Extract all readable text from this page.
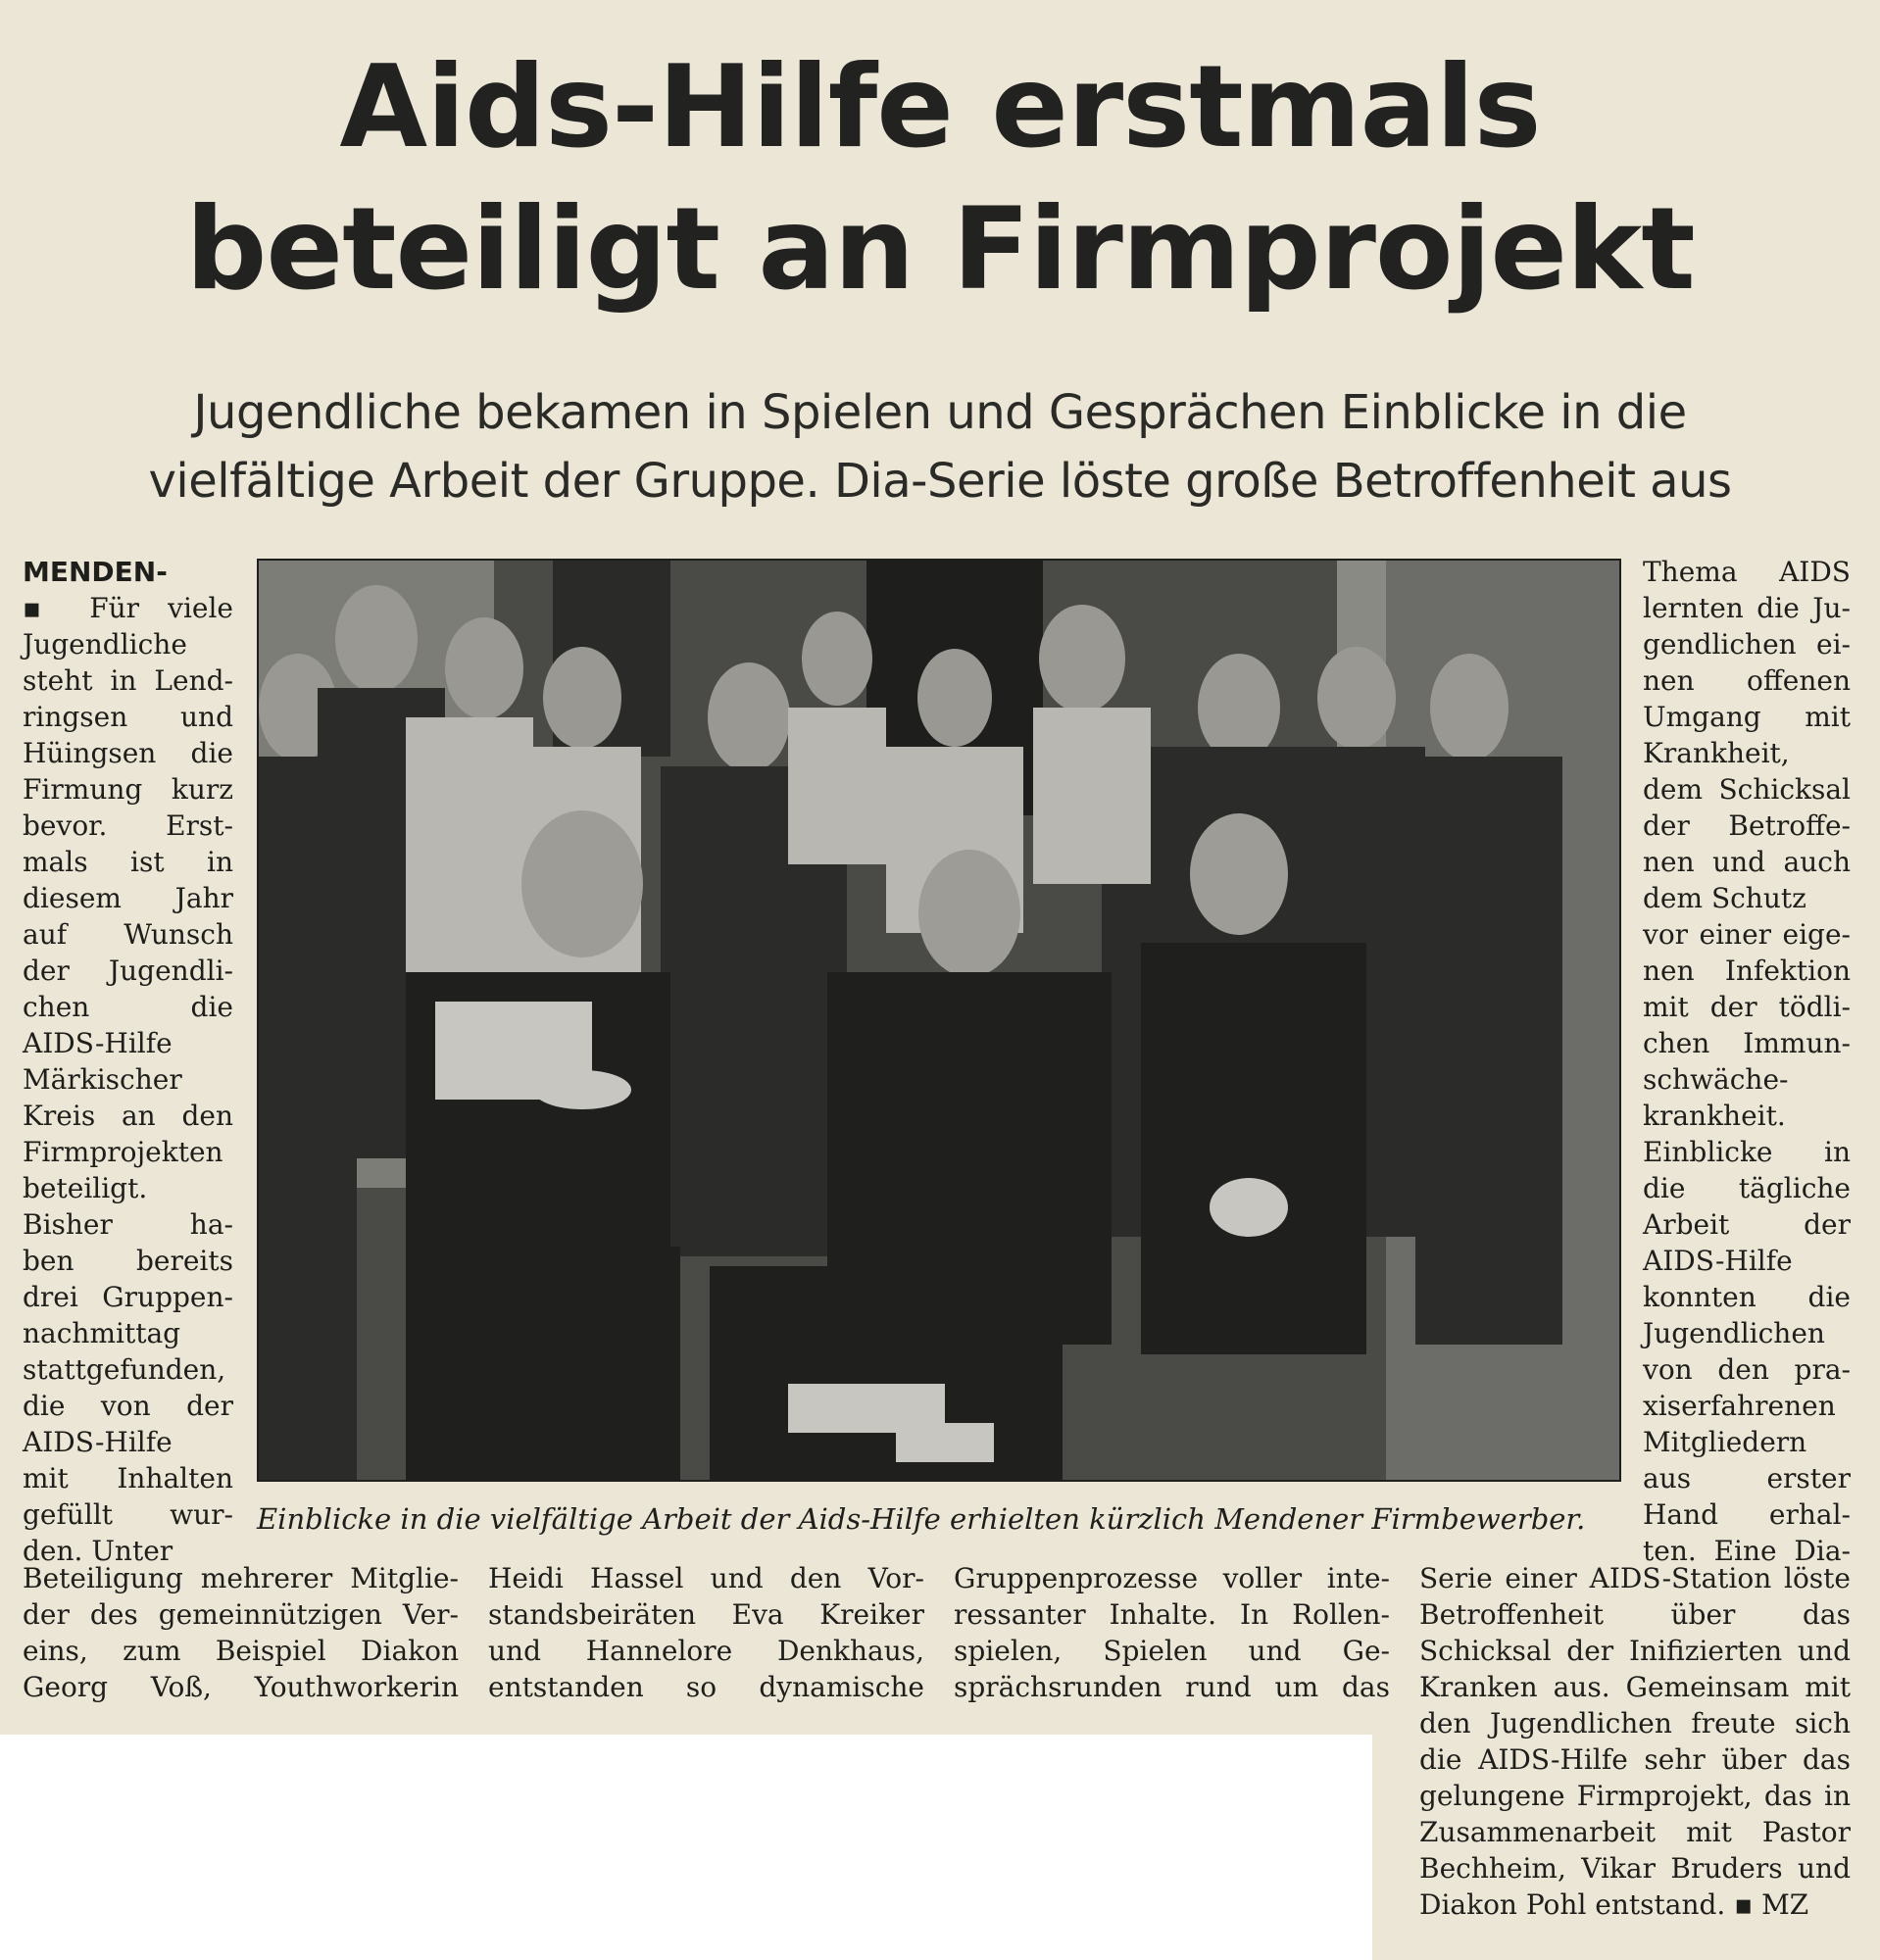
Aids-Hilfe erstmals
beteiligt an Firmprojekt
Jugendliche bekamen in Spielen und Gesprächen Einblicke in die
vielfältige Arbeit der Gruppe. Dia-Serie löste große Betroffenheit aus
MENDEN-
▪ Für viele
Jugendliche
steht in Lend-
ringsen und
Hüingsen die
Firmung kurz
bevor. Erst-
mals ist in
diesem Jahr
auf Wunsch
der Jugendli-
chen die
AIDS-Hilfe
Märkischer
Kreis an den
Firmprojekten
beteiligt.
Bisher ha-
ben bereits
drei Gruppen-
nachmittag
stattgefunden,
die von der
AIDS-Hilfe
mit Inhalten
gefüllt wur-
den. Unter
Einblicke in die vielfältige Arbeit der Aids-Hilfe erhielten kürzlich Mendener Firmbewerber.
Thema AIDS
lernten die Ju-
gendlichen ei-
nen offenen
Umgang mit
Krankheit,
dem Schicksal
der Betroffe-
nen und auch
dem Schutz
vor einer eige-
nen Infektion
mit der tödli-
chen Immun-
schwäche-
krankheit.
Einblicke in
die tägliche
Arbeit der
AIDS-Hilfe
konnten die
Jugendlichen
von den pra-
xiserfahrenen
Mitgliedern
aus erster
Hand erhal-
ten. Eine Dia-
Beteiligung mehrerer Mitglie-
der des gemeinnützigen Ver-
eins, zum Beispiel Diakon
Georg Voß, Youthworkerin
Heidi Hassel und den Vor-
standsbeiräten Eva Kreiker
und Hannelore Denkhaus,
entstanden so dynamische
Gruppenprozesse voller inte-
ressanter Inhalte. In Rollen-
spielen, Spielen und Ge-
sprächsrunden rund um das
Serie einer AIDS-Station löste
Betroffenheit über das
Schicksal der Inifizierten und
Kranken aus. Gemeinsam mit
den Jugendlichen freute sich
die AIDS-Hilfe sehr über das
gelungene Firmprojekt, das in
Zusammenarbeit mit Pastor
Bechheim, Vikar Bruders und
Diakon Pohl entstand. ▪ MZ
